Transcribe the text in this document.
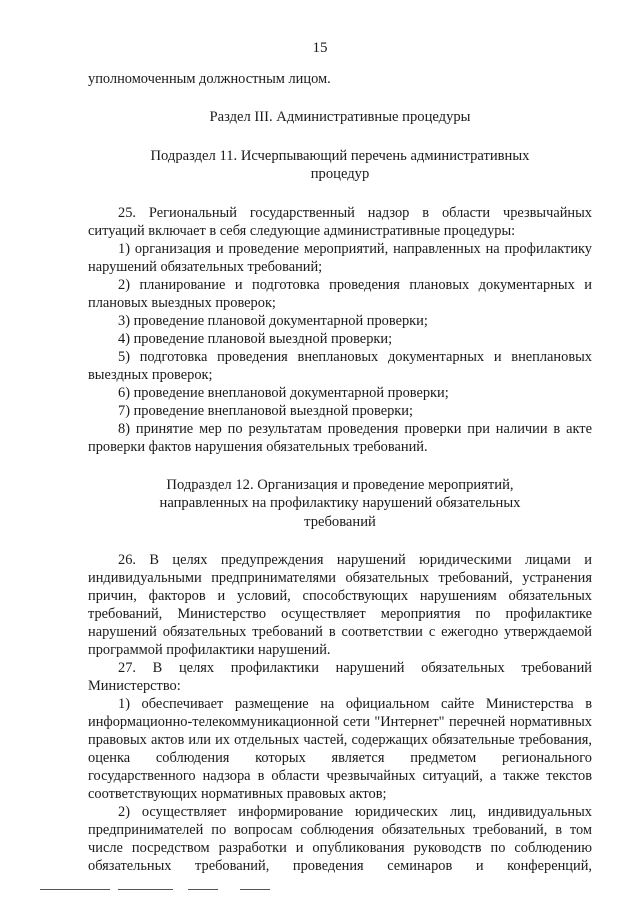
15

уполномоченным должностным лицом.

Раздел III. Административные процедуры

Подраздел 11. Исчерпывающий перечень административных процедур

25. Региональный государственный надзор в области чрезвычайных ситуаций включает в себя следующие административные процедуры:

1) организация и проведение мероприятий, направленных на профилактику нарушений обязательных требований;

2) планирование и подготовка проведения плановых документарных и плановых выездных проверок;

3) проведение плановой документарной проверки;

4) проведение плановой выездной проверки;

5) подготовка проведения внеплановых документарных и внеплановых выездных проверок;

6) проведение внеплановой документарной проверки;

7) проведение внеплановой выездной проверки;

8) принятие мер по результатам проведения проверки при наличии в акте проверки фактов нарушения обязательных требований.

Подраздел 12. Организация и проведение мероприятий, направленных на профилактику нарушений обязательных требований

26. В целях предупреждения нарушений юридическими лицами и индивидуальными предпринимателями обязательных требований, устранения причин, факторов и условий, способствующих нарушениям обязательных требований, Министерство осуществляет мероприятия по профилактике нарушений обязательных требований в соответствии с ежегодно утверждаемой программой профилактики нарушений.

27. В целях профилактики нарушений обязательных требований Министерство:

1) обеспечивает размещение на официальном сайте Министерства в информационно-телекоммуникационной сети "Интернет" перечней нормативных правовых актов или их отдельных частей, содержащих обязательные требования, оценка соблюдения которых является предметом регионального государственного надзора в области чрезвычайных ситуаций, а также текстов соответствующих нормативных правовых актов;

2) осуществляет информирование юридических лиц, индивидуальных предпринимателей по вопросам соблюдения обязательных требований, в том числе посредством разработки и опубликования руководств по соблюдению обязательных требований, проведения семинаров и конференций,
